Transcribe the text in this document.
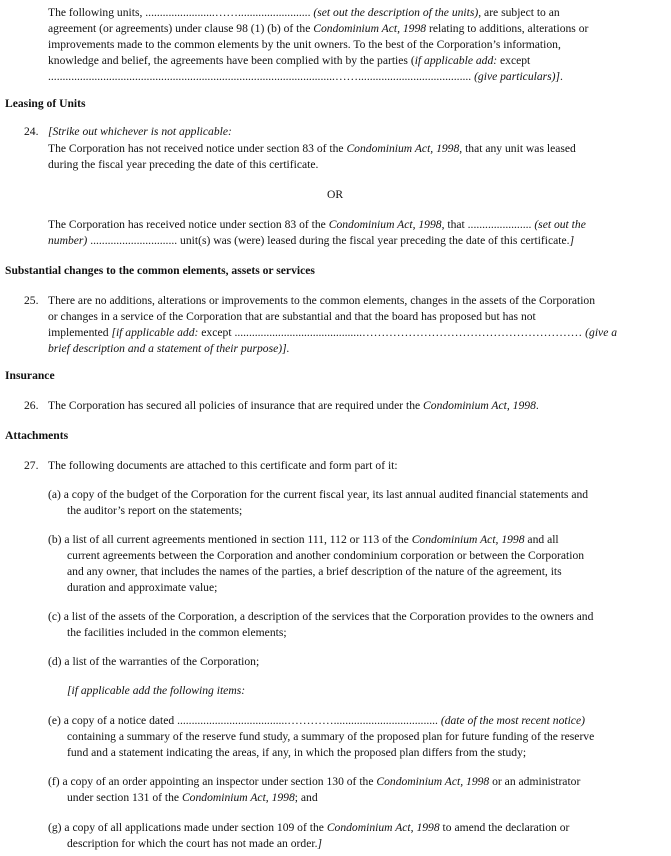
The following units, ........................……......................... (set out the description of the units), are subject to an
agreement (or agreements) under clause 98 (1) (b) of the Condominium Act, 1998 relating to additions, alterations or
improvements made to the common elements by the unit owners. To the best of the Corporation’s information,
knowledge and belief, the agreements have been complied with by the parties (if applicable add: except
...................................................................................................……....................................... (give particulars)].
Leasing of Units
24. [Strike out whichever is not applicable:
The Corporation has not received notice under section 83 of the Condominium Act, 1998, that any unit was leased
during the fiscal year preceding the date of this certificate.
OR
The Corporation has received notice under section 83 of the Condominium Act, 1998, that ...................... (set out the
number) .............................. unit(s) was (were) leased during the fiscal year preceding the date of this certificate.]
Substantial changes to the common elements, assets or services
25. There are no additions, alterations or improvements to the common elements, changes in the assets of the Corporation
or changes in a service of the Corporation that are substantial and that the board has proposed but has not
implemented [if applicable add: except ............................................………………………………………………… (give a
brief description and a statement of their purpose)].
Insurance
26. The Corporation has secured all policies of insurance that are required under the Condominium Act, 1998.
Attachments
27. The following documents are attached to this certificate and form part of it:
(a) a copy of the budget of the Corporation for the current fiscal year, its last annual audited financial statements and
the auditor’s report on the statements;
(b) a list of all current agreements mentioned in section 111, 112 or 113 of the Condominium Act, 1998 and all
current agreements between the Corporation and another condominium corporation or between the Corporation
and any owner, that includes the names of the parties, a brief description of the nature of the agreement, its
duration and approximate value;
(c) a list of the assets of the Corporation, a description of the services that the Corporation provides to the owners and
the facilities included in the common elements;
(d) a list of the warranties of the Corporation;
[if applicable add the following items:
(e) a copy of a notice dated ......................................………….................................... (date of the most recent notice)
containing a summary of the reserve fund study, a summary of the proposed plan for future funding of the reserve
fund and a statement indicating the areas, if any, in which the proposed plan differs from the study;
(f) a copy of an order appointing an inspector under section 130 of the Condominium Act, 1998 or an administrator
under section 131 of the Condominium Act, 1998; and
(g) a copy of all applications made under section 109 of the Condominium Act, 1998 to amend the declaration or
description for which the court has not made an order.]
